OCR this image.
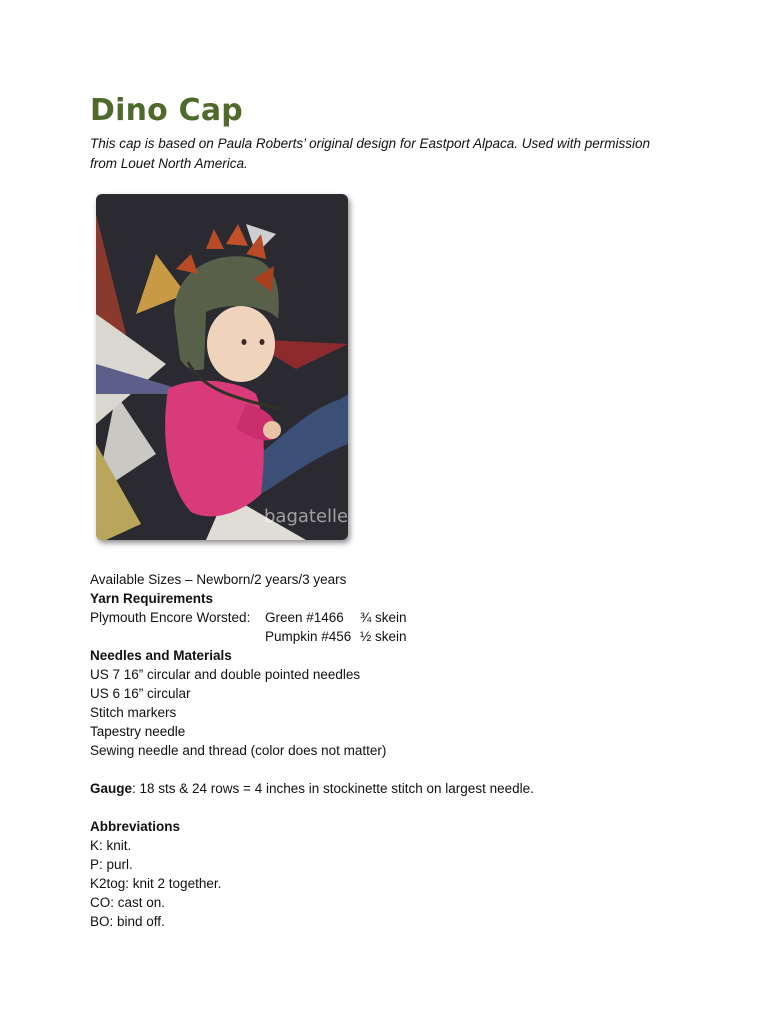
Dino Cap

This cap is based on Paula Roberts’ original design for Eastport Alpaca. Used with permission from Louet North America.

bagatelle
Available Sizes – Newborn/2 years/3 years
Yarn Requirements
Plymouth Encore Worsted: Green #1466 ¾ skein
Pumpkin #456 ½ skein
Needles and Materials
US 7 16” circular and double pointed needles
US 6 16” circular
Stitch markers
Tapestry needle
Sewing needle and thread (color does not matter)
Gauge: 18 sts & 24 rows = 4 inches in stockinette stitch on largest needle.
Abbreviations
K: knit.
P: purl.
K2tog: knit 2 together.
CO: cast on.
BO: bind off.
